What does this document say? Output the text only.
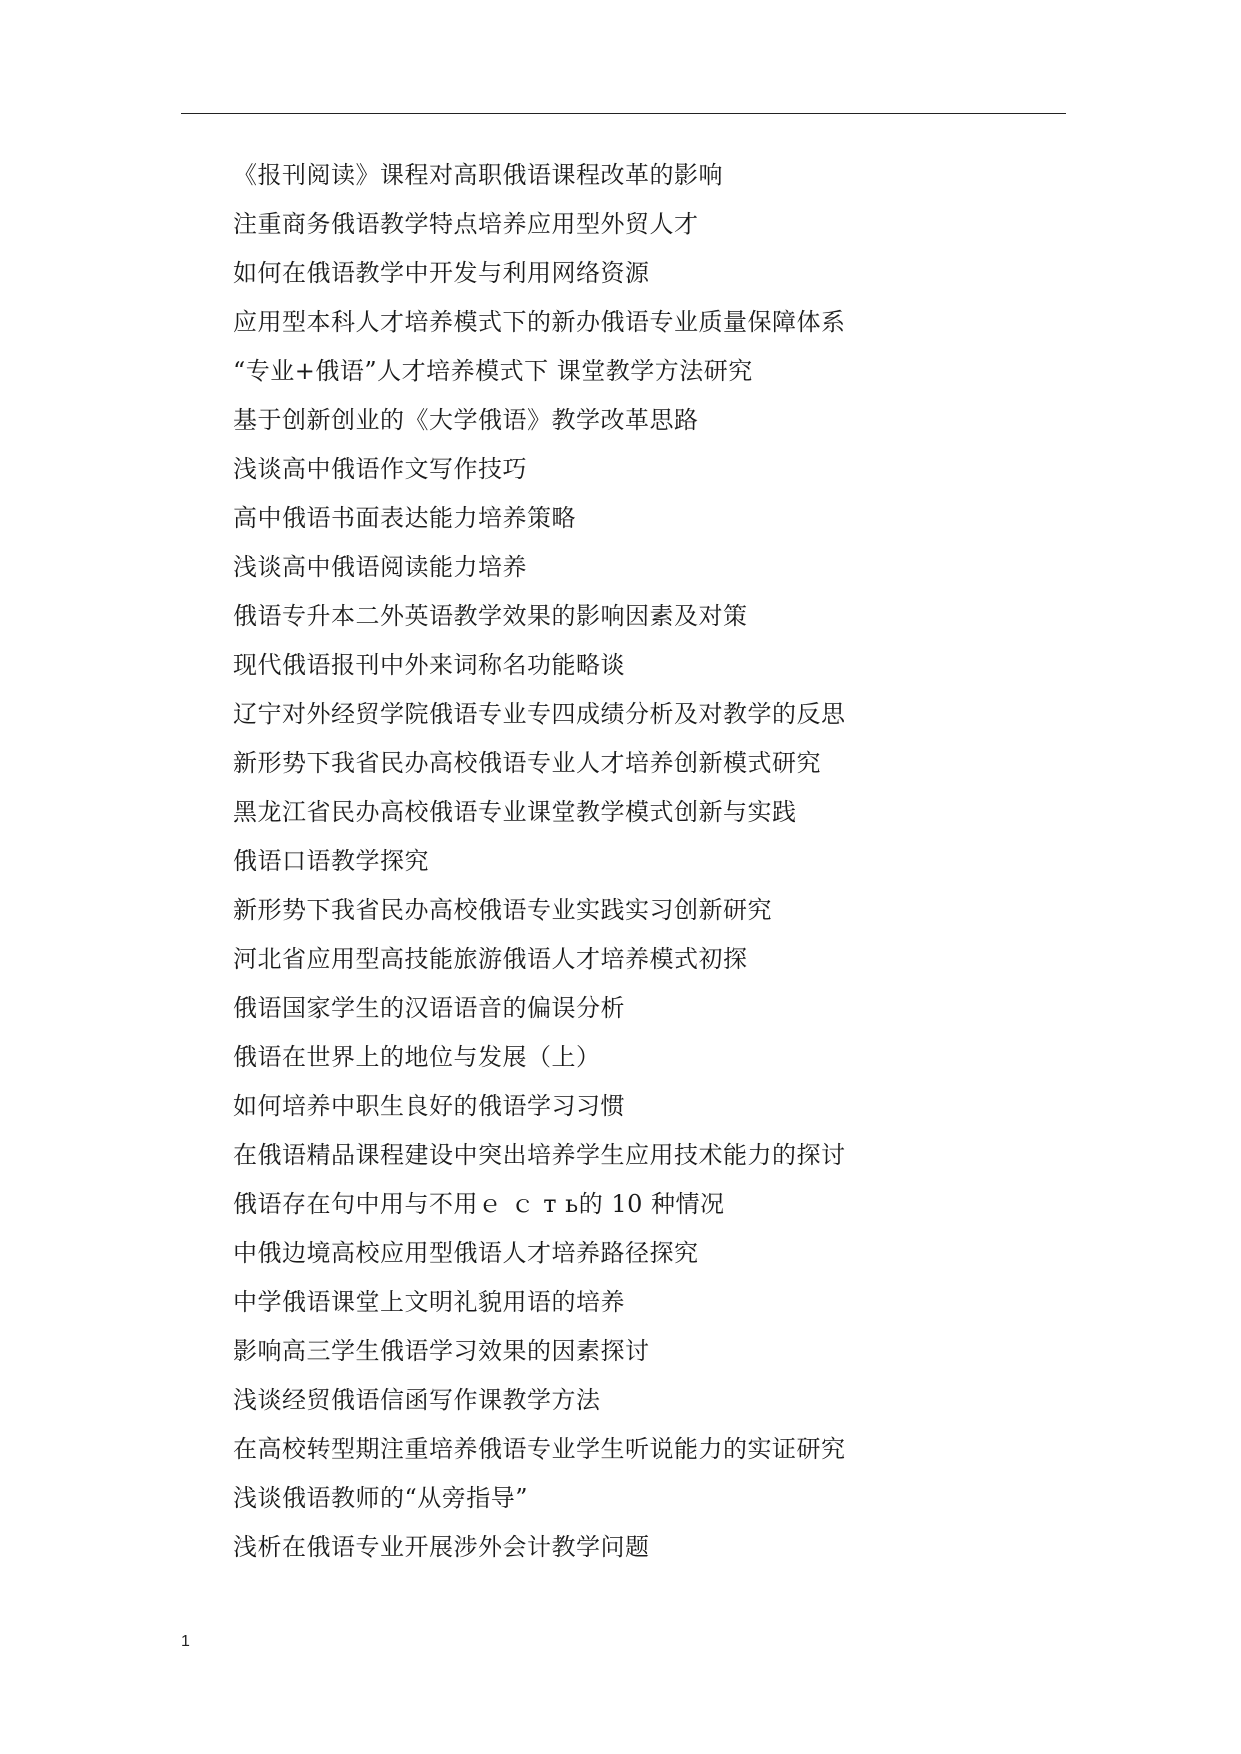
《报刊阅读》课程对高职俄语课程改革的影响
注重商务俄语教学特点培养应用型外贸人才
如何在俄语教学中开发与利用网络资源
应用型本科人才培养模式下的新办俄语专业质量保障体系
“专业+俄语”人才培养模式下 课堂教学方法研究
基于创新创业的《大学俄语》教学改革思路
浅谈高中俄语作文写作技巧
高中俄语书面表达能力培养策略
浅谈高中俄语阅读能力培养
俄语专升本二外英语教学效果的影响因素及对策
现代俄语报刊中外来词称名功能略谈
辽宁对外经贸学院俄语专业专四成绩分析及对教学的反思
新形势下我省民办高校俄语专业人才培养创新模式研究
黑龙江省民办高校俄语专业课堂教学模式创新与实践
俄语口语教学探究
新形势下我省民办高校俄语专业实践实习创新研究
河北省应用型高技能旅游俄语人才培养模式初探
俄语国家学生的汉语语音的偏误分析
俄语在世界上的地位与发展（上）
如何培养中职生良好的俄语学习习惯
在俄语精品课程建设中突出培养学生应用技术能力的探讨
俄语存在句中用与不用ｅ ｃ т ь的 10 种情况
中俄边境高校应用型俄语人才培养路径探究
中学俄语课堂上文明礼貌用语的培养
影响高三学生俄语学习效果的因素探讨
浅谈经贸俄语信函写作课教学方法
在高校转型期注重培养俄语专业学生听说能力的实证研究
浅谈俄语教师的“从旁指导”
浅析在俄语专业开展涉外会计教学问题
1
